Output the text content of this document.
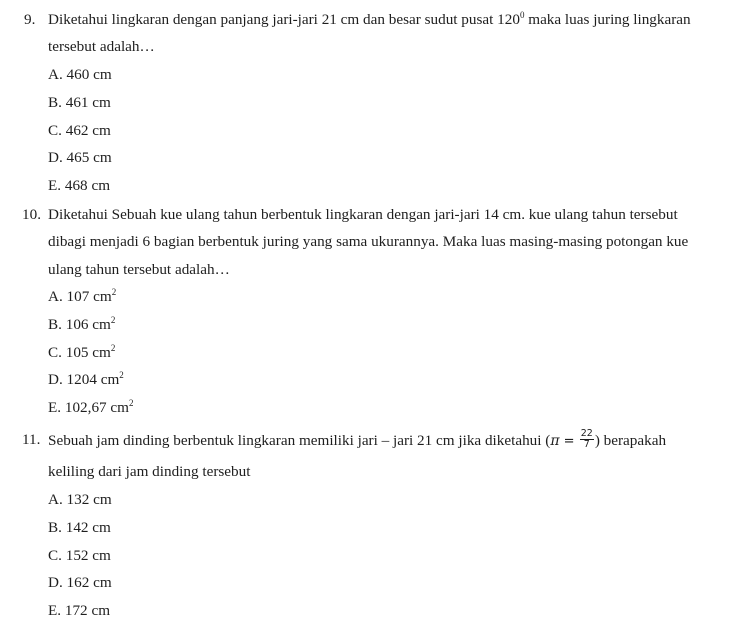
9. Diketahui lingkaran dengan panjang jari-jari 21 cm dan besar sudut pusat $120^0$ maka luas juring lingkaran
tersebut adalah…
A. 460 cm
B. 461 cm
C. 462 cm
D. 465 cm
E. 468 cm
10. Diketahui Sebuah kue ulang tahun berbentuk lingkaran dengan jari-jari 14 cm. kue ulang tahun tersebut
dibagi menjadi 6 bagian berbentuk juring yang sama ukurannya. Maka luas masing-masing potongan kue
ulang tahun tersebut adalah…
A. 107 $cm^2$
B. 106 $cm^2$
C. 105 $cm^2$
D. 1204 $cm^2$
E. 102,67 $cm^2$
11. Sebuah jam dinding berbentuk lingkaran memiliki jari – jari 21 cm jika diketahui ($\pi = \frac{22}{7}$ ) berapakah
keliling dari jam dinding tersebut
A. 132 cm
B. 142 cm
C. 152 cm
D. 162 cm
E. 172 cm
